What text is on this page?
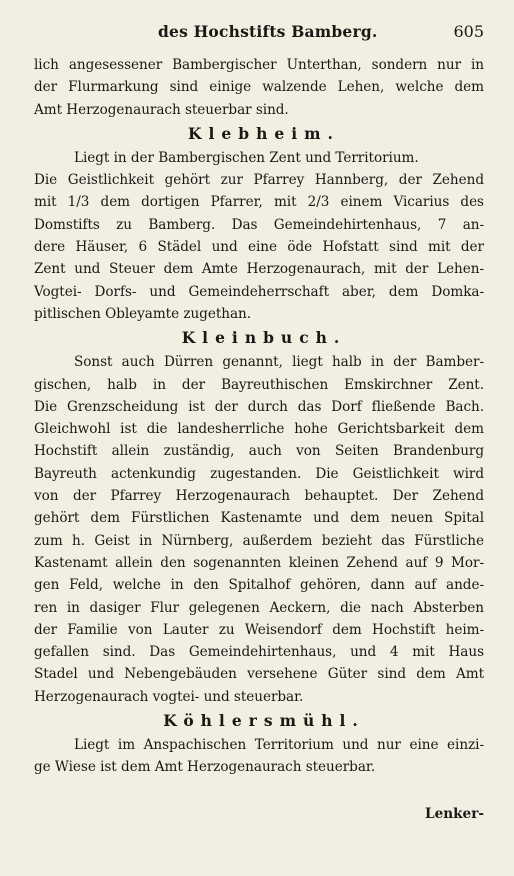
des Hochstifts Bamberg.	605
lich angesessener Bambergischer Unterthan, sondern nur in
der Flurmarkung sind einige walzende Lehen, welche dem
Amt Herzogenaurach steuerbar sind.
Klebheim.
Liegt in der Bambergischen Zent und Territorium.
Die Geistlichkeit gehört zur Pfarrey Hannberg, der Zehend
mit 1/3 dem dortigen Pfarrer, mit 2/3 einem Vicarius des
Domstifts zu Bamberg. Das Gemeindehirtenhaus, 7 an-
dere Häuser, 6 Städel und eine öde Hofstatt sind mit der
Zent und Steuer dem Amte Herzogenaurach, mit der Lehen-
Vogtei- Dorfs- und Gemeindeherrschaft aber, dem Domka-
pitlischen Obleyamte zugethan.
Kleinbuch.
Sonst auch Dürren genannt, liegt halb in der Bamber-
gischen, halb in der Bayreuthischen Emskirchner Zent.
Die Grenzscheidung ist der durch das Dorf fließende Bach.
Gleichwohl ist die landesherrliche hohe Gerichtsbarkeit dem
Hochstift allein zuständig, auch von Seiten Brandenburg
Bayreuth actenkundig zugestanden. Die Geistlichkeit wird
von der Pfarrey Herzogenaurach behauptet. Der Zehend
gehört dem Fürstlichen Kastenamte und dem neuen Spital
zum h. Geist in Nürnberg, außerdem bezieht das Fürstliche
Kastenamt allein den sogenannten kleinen Zehend auf 9 Mor-
gen Feld, welche in den Spitalhof gehören, dann auf ande-
ren in dasiger Flur gelegenen Aeckern, die nach Absterben
der Familie von Lauter zu Weisendorf dem Hochstift heim-
gefallen sind. Das Gemeindehirtenhaus, und 4 mit Haus
Stadel und Nebengebäuden versehene Güter sind dem Amt
Herzogenaurach vogtei- und steuerbar.
Köhlersmühl.
Liegt im Anspachischen Territorium und nur eine einzi-
ge Wiese ist dem Amt Herzogenaurach steuerbar.
Lenker-
